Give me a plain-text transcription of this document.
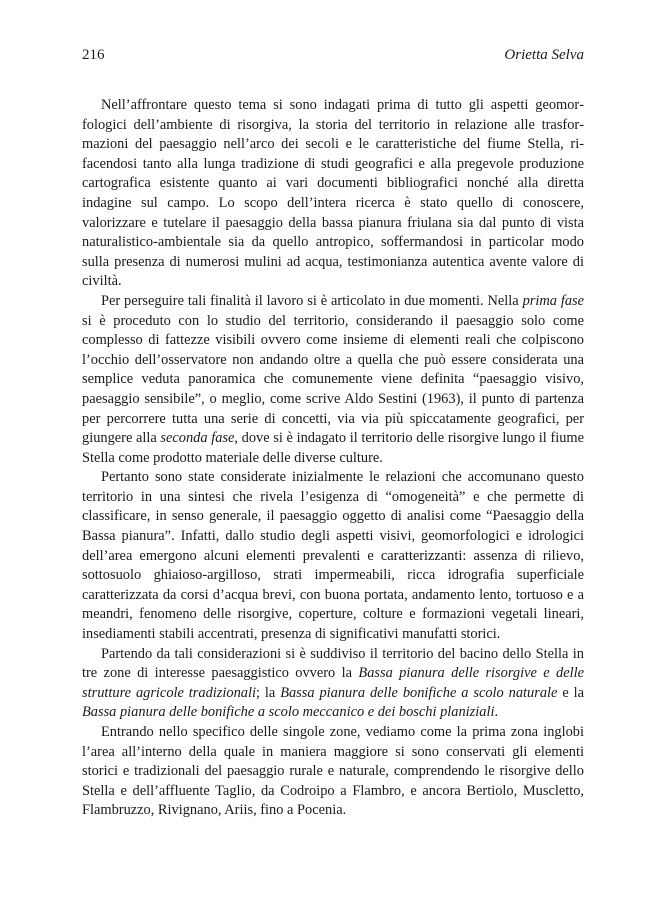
216	Orietta Selva

Nell’affrontare questo tema si sono indagati prima di tutto gli aspetti geomorfologici dell’ambiente di risorgiva, la storia del territorio in relazione alle trasformazioni del paesaggio nell’arco dei secoli e le caratteristiche del fiume Stella, rifacendosi tanto alla lunga tradizione di studi geografici e alla pregevole produzione cartografica esistente quanto ai vari documenti bibliografici nonché alla diretta indagine sul campo. Lo scopo dell’intera ricerca è stato quello di conoscere, valorizzare e tutelare il paesaggio della bassa pianura friulana sia dal punto di vista naturalistico-ambientale sia da quello antropico, soffermandosi in particolar modo sulla presenza di numerosi mulini ad acqua, testimonianza autentica avente valore di civiltà.

Per perseguire tali finalità il lavoro si è articolato in due momenti. Nella prima fase si è proceduto con lo studio del territorio, considerando il paesaggio solo come complesso di fattezze visibili ovvero come insieme di elementi reali che colpiscono l’occhio dell’osservatore non andando oltre a quella che può essere considerata una semplice veduta panoramica che comunemente viene definita “paesaggio visivo, paesaggio sensibile”, o meglio, come scrive Aldo Sestini (1963), il punto di partenza per percorrere tutta una serie di concetti, via via più spiccatamente geografici, per giungere alla seconda fase, dove si è indagato il territorio delle risorgive lungo il fiume Stella come prodotto materiale delle diverse culture.

Pertanto sono state considerate inizialmente le relazioni che accomunano questo territorio in una sintesi che rivela l’esigenza di “omogeneità” e che permette di classificare, in senso generale, il paesaggio oggetto di analisi come “Paesaggio della Bassa pianura”. Infatti, dallo studio degli aspetti visivi, geomorfologici e idrologici dell’area emergono alcuni elementi prevalenti e caratterizzanti: assenza di rilievo, sottosuolo ghiaioso-argilloso, strati impermeabili, ricca idrografia superficiale caratterizzata da corsi d’acqua brevi, con buona portata, andamento lento, tortuoso e a meandri, fenomeno delle risorgive, coperture, colture e formazioni vegetali lineari, insediamenti stabili accentrati, presenza di significativi manufatti storici.

Partendo da tali considerazioni si è suddiviso il territorio del bacino dello Stella in tre zone di interesse paesaggistico ovvero la Bassa pianura delle risorgive e delle strutture agricole tradizionali; la Bassa pianura delle bonifiche a scolo naturale e la Bassa pianura delle bonifiche a scolo meccanico e dei boschi planiziali.

Entrando nello specifico delle singole zone, vediamo come la prima zona inglobi l’area all’interno della quale in maniera maggiore si sono conservati gli elementi storici e tradizionali del paesaggio rurale e naturale, comprendendo le risorgive dello Stella e dell’affluente Taglio, da Codroipo a Flambro, e ancora Bertiolo, Muscletto, Flambruzzo, Rivignano, Ariis, fino a Pocenia.
